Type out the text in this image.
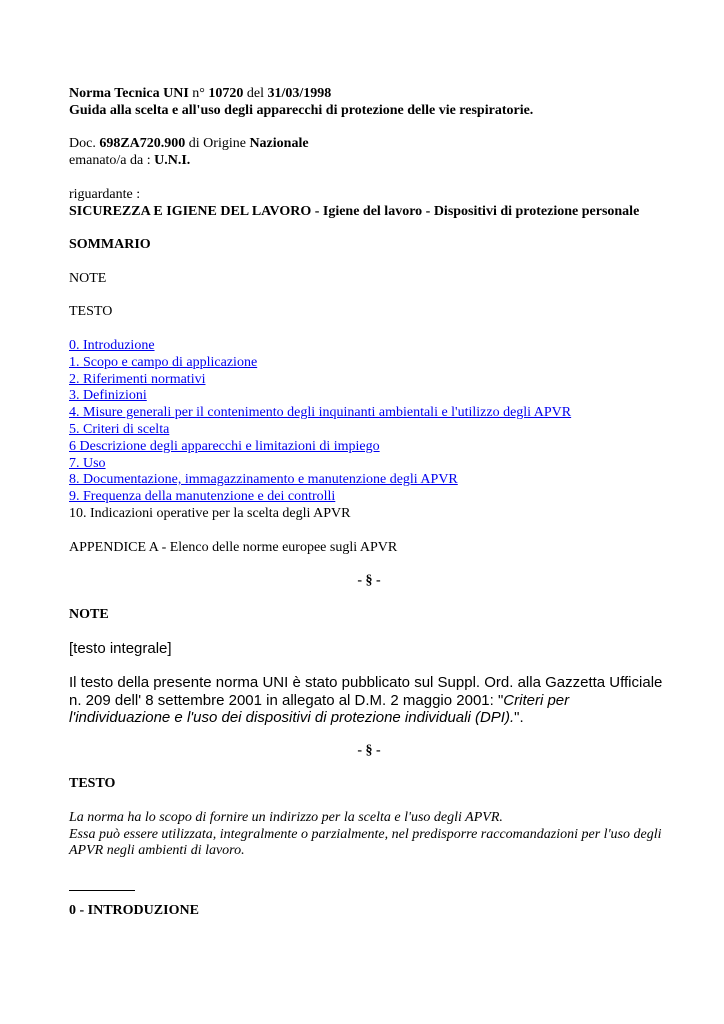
Norma Tecnica UNI n° 10720 del 31/03/1998

Guida alla scelta e all'uso degli apparecchi di protezione delle vie respiratorie.

Doc. 698ZA720.900 di Origine Nazionale

emanato/a da : U.N.I.

riguardante :

SICUREZZA E IGIENE DEL LAVORO - Igiene del lavoro - Dispositivi di protezione personale

SOMMARIO

NOTE

TESTO

0. Introduzione
1. Scopo e campo di applicazione
2. Riferimenti normativi
3. Definizioni
4. Misure generali per il contenimento degli inquinanti ambientali e l'utilizzo degli APVR
5. Criteri di scelta
6 Descrizione degli apparecchi e limitazioni di impiego
7. Uso
8. Documentazione, immagazzinamento e manutenzione degli APVR
9. Frequenza della manutenzione e dei controlli
10. Indicazioni operative per la scelta degli APVR

APPENDICE A - Elenco delle norme europee sugli APVR

- § -

NOTE

[testo integrale]

Il testo della presente norma UNI è stato pubblicato sul Suppl. Ord. alla Gazzetta Ufficiale n. 209 dell' 8 settembre 2001 in allegato al D.M. 2 maggio 2001: "Criteri per l'individuazione e l'uso dei dispositivi di protezione individuali (DPI).".

- § -

TESTO

La norma ha lo scopo di fornire un indirizzo per la scelta e l'uso degli APVR.

Essa può essere utilizzata, integralmente o parzialmente, nel predisporre raccomandazioni per l'uso degli APVR negli ambienti di lavoro.

0 - INTRODUZIONE
